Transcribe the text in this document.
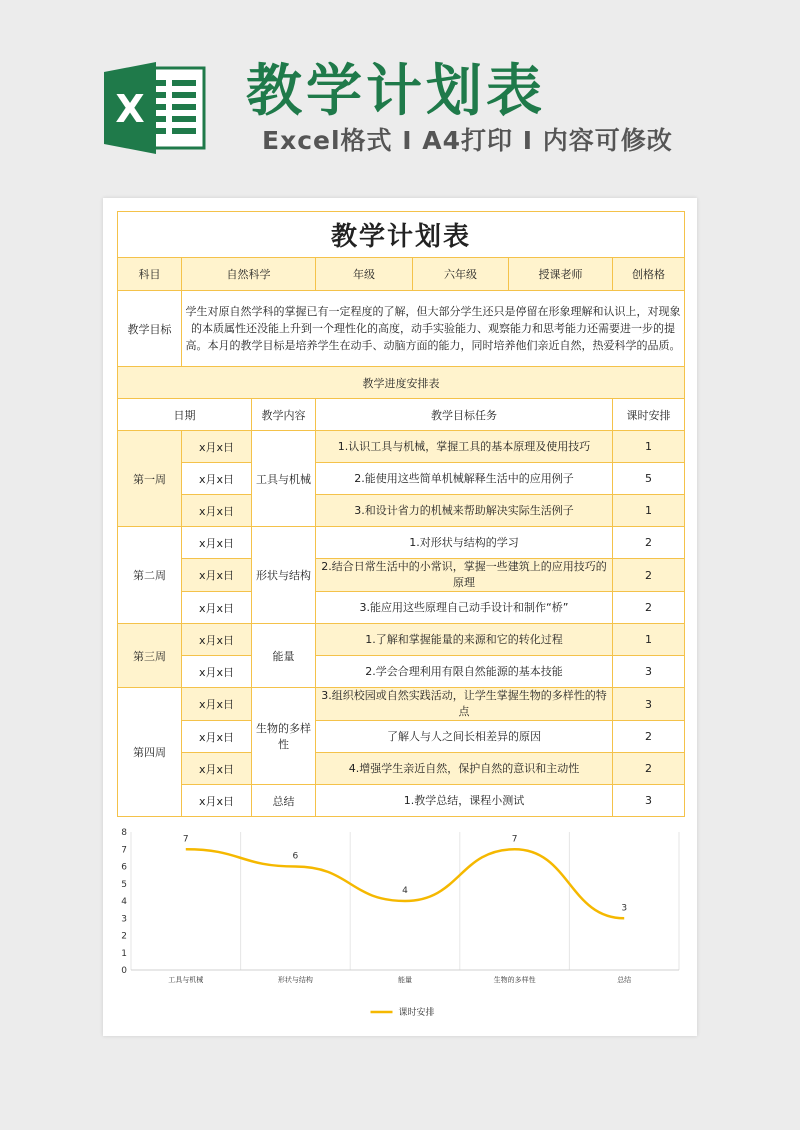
X 教学计划表
Excel格式 I A4打印 I 内容可修改
教学计划表						
科目	自然科学		年级	六年级	授课老师	创格格
教学目标	学生对原自然学科的掌握已有一定程度的了解，但大部分学生还只是停留在形象理解和认识上，对现象的本质属性还没能上升到一个理性化的高度，动手实验能力、观察能力和思考能力还需要进一步的提高。本月的教学目标是培养学生在动手、动脑方面的能力，同时培养他们亲近自然，热爱科学的品质。					
教学进度安排表						
日期		教学内容	教学目标任务			课时安排
第一周	x月x日	工具与机械	1.认识工具与机械，掌握工具的基本原理及使用技巧			1
	x月x日		2.能使用这些简单机械解释生活中的应用例子			5
	x月x日		3.和设计省力的机械来帮助解决实际生活例子			1
第二周	x月x日	形状与结构	1.对形状与结构的学习			2
	x月x日		2.结合日常生活中的小常识，掌握一些建筑上的应用技巧的原理			2
	x月x日		3.能应用这些原理自己动手设计和制作“桥”			2
第三周	x月x日	能量	1.了解和掌握能量的来源和它的转化过程			1
	x月x日		2.学会合理利用有限自然能源的基本技能			3
第四周	x月x日	生物的多样性	3.组织校园或自然实践活动，让学生掌握生物的多样性的特点			3
	x月x日		了解人与人之间长相差异的原因			2
	x月x日		4.增强学生亲近自然，保护自然的意识和主动性			2
	x月x日	总结	1.教学总结，课程小测试			3
0
1
2
3
4
5
6
7
8
工具与机械	形状与结构	能量	生物的多样性	总结
7
6
4
7
3
课时安排
